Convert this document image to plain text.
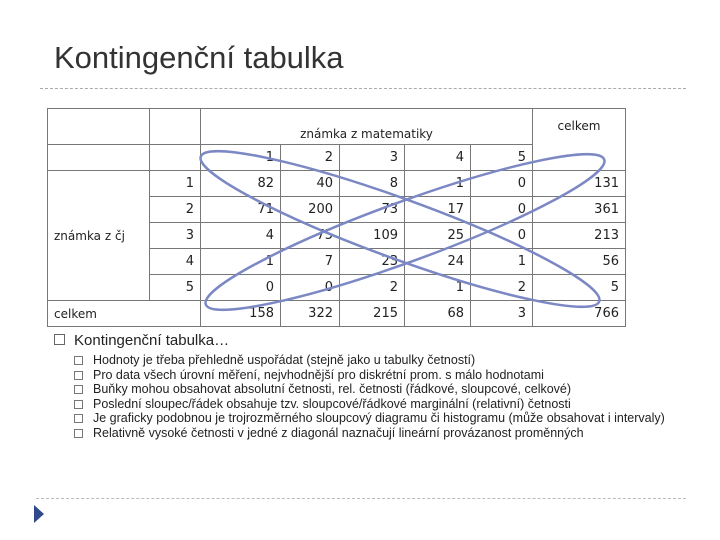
Kontingenční tabulka
		známka z matematiky					celkem
		1	2	3	4	5	
známka z čj	1	82	40	8	1	0	131
	2	71	200	73	17	0	361
	3	4	75	109	25	0	213
	4	1	7	23	24	1	56
	5	0	0	2	1	2	5
celkem		158	322	215	68	3	766
Kontingenční tabulka…
Hodnoty je třeba přehledně uspořádat (stejně jako u tabulky četností)
Pro data všech úrovní měření, nejvhodnější pro diskrétní prom. s málo hodnotami
Buňky mohou obsahovat absolutní četnosti, rel. četnosti (řádkové, sloupcové, celkové)
Poslední sloupec/řádek obsahuje tzv. sloupcové/řádkové marginální (relativní) četnosti
Je graficky podobnou je trojrozměrného sloupcový diagramu či histogramu (může obsahovat i intervaly)
Relativně vysoké četnosti v jedné z diagonál naznačují lineární provázanost proměnných
